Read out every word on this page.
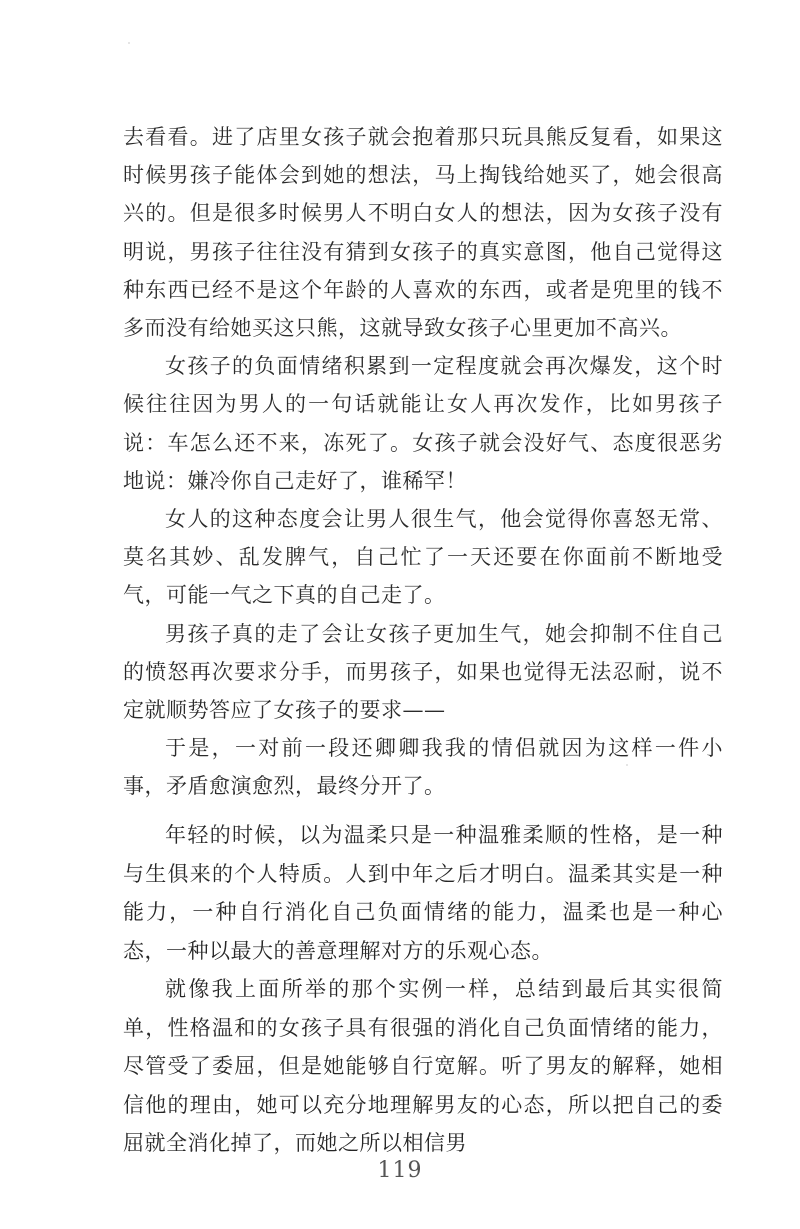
去看看。进了店里女孩子就会抱着那只玩具熊反复看，如果这时候男孩子能体会到她的想法，马上掏钱给她买了，她会很高兴的。但是很多时候男人不明白女人的想法，因为女孩子没有明说，男孩子往往没有猜到女孩子的真实意图，他自己觉得这种东西已经不是这个年龄的人喜欢的东西，或者是兜里的钱不多而没有给她买这只熊，这就导致女孩子心里更加不高兴。

女孩子的负面情绪积累到一定程度就会再次爆发，这个时候往往因为男人的一句话就能让女人再次发作，比如男孩子说：车怎么还不来，冻死了。女孩子就会没好气、态度很恶劣地说：嫌冷你自己走好了，谁稀罕！

女人的这种态度会让男人很生气，他会觉得你喜怒无常、莫名其妙、乱发脾气，自己忙了一天还要在你面前不断地受气，可能一气之下真的自己走了。

男孩子真的走了会让女孩子更加生气，她会抑制不住自己的愤怒再次要求分手，而男孩子，如果也觉得无法忍耐，说不定就顺势答应了女孩子的要求——

于是，一对前一段还卿卿我我的情侣就因为这样一件小事，矛盾愈演愈烈，最终分开了。

年轻的时候，以为温柔只是一种温雅柔顺的性格，是一种与生俱来的个人特质。人到中年之后才明白。温柔其实是一种能力，一种自行消化自己负面情绪的能力，温柔也是一种心态，一种以最大的善意理解对方的乐观心态。

就像我上面所举的那个实例一样，总结到最后其实很简单，性格温和的女孩子具有很强的消化自己负面情绪的能力，尽管受了委屈，但是她能够自行宽解。听了男友的解释，她相信他的理由，她可以充分地理解男友的心态，所以把自己的委屈就全消化掉了，而她之所以相信男

119
